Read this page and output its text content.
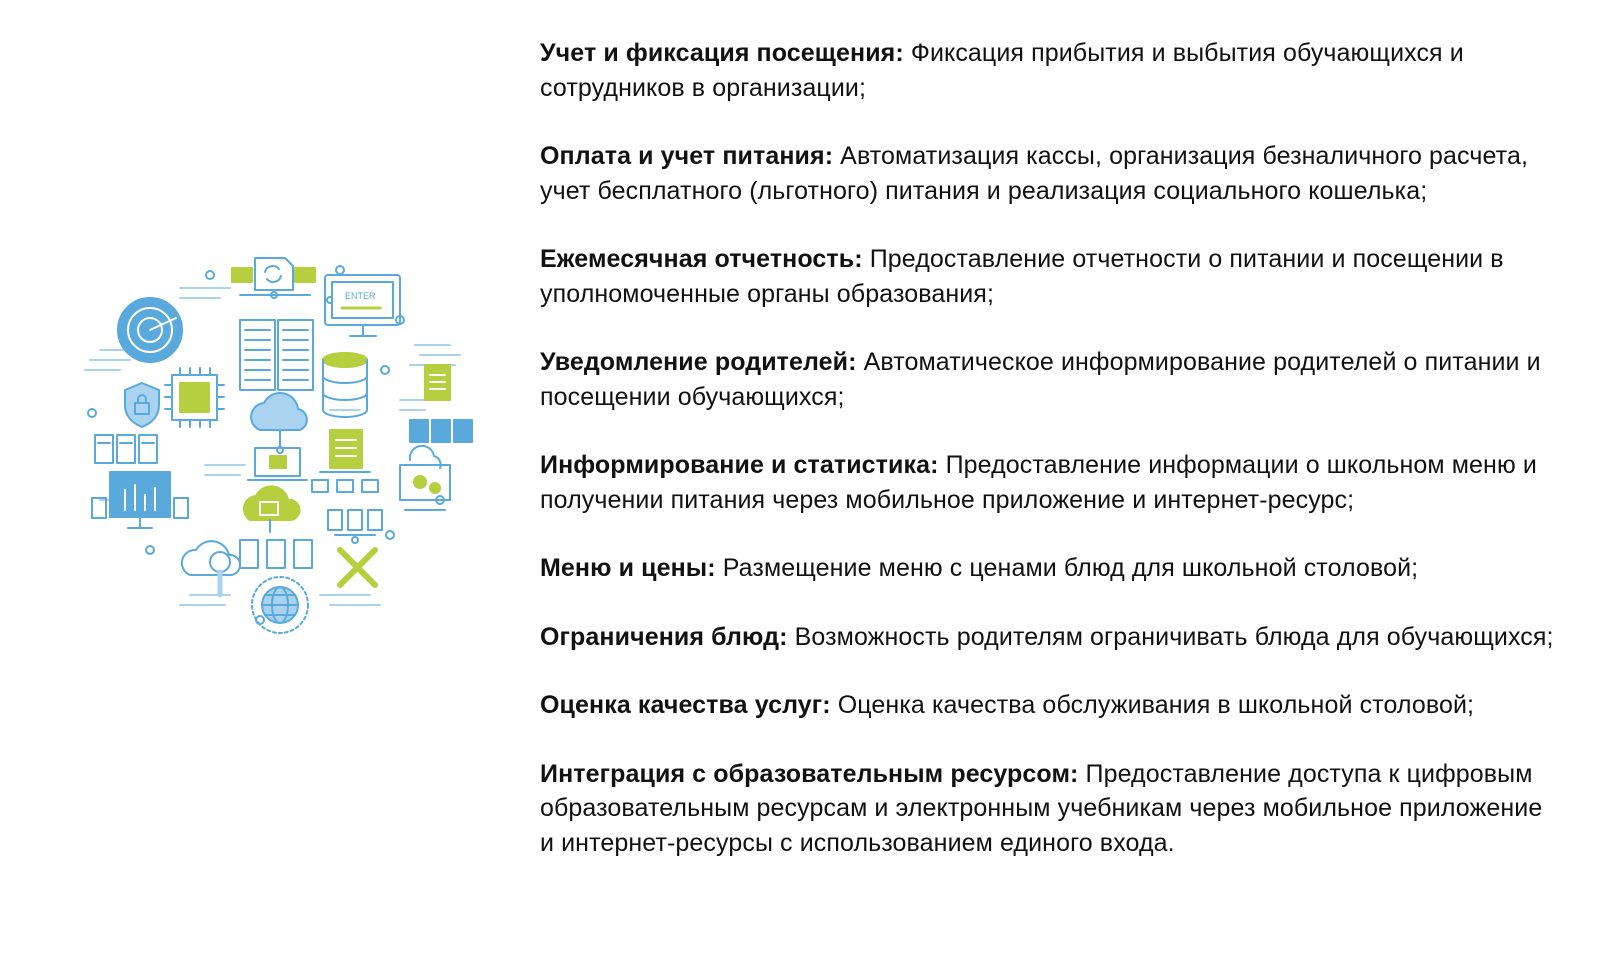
ENTER

Учет и фиксация посещения: Фиксация прибытия и выбытия обучающихся и сотрудников в организации;

Оплата и учет питания: Автоматизация кассы, организация безналичного расчета, учет бесплатного (льготного) питания и реализация социального кошелька;

Ежемесячная отчетность: Предоставление отчетности о питании и посещении в уполномоченные органы образования;

Уведомление родителей: Автоматическое информирование родителей о питании и посещении обучающихся;

Информирование и статистика: Предоставление информации о школьном меню и получении питания через мобильное приложение и интернет-ресурс;

Меню и цены: Размещение меню с ценами блюд для школьной столовой;

Ограничения блюд: Возможность родителям ограничивать блюда для обучающихся;

Оценка качества услуг: Оценка качества обслуживания в школьной столовой;

Интеграция с образовательным ресурсом: Предоставление доступа к цифровым образовательным ресурсам и электронным учебникам через мобильное приложение и интернет-ресурсы с использованием единого входа.
